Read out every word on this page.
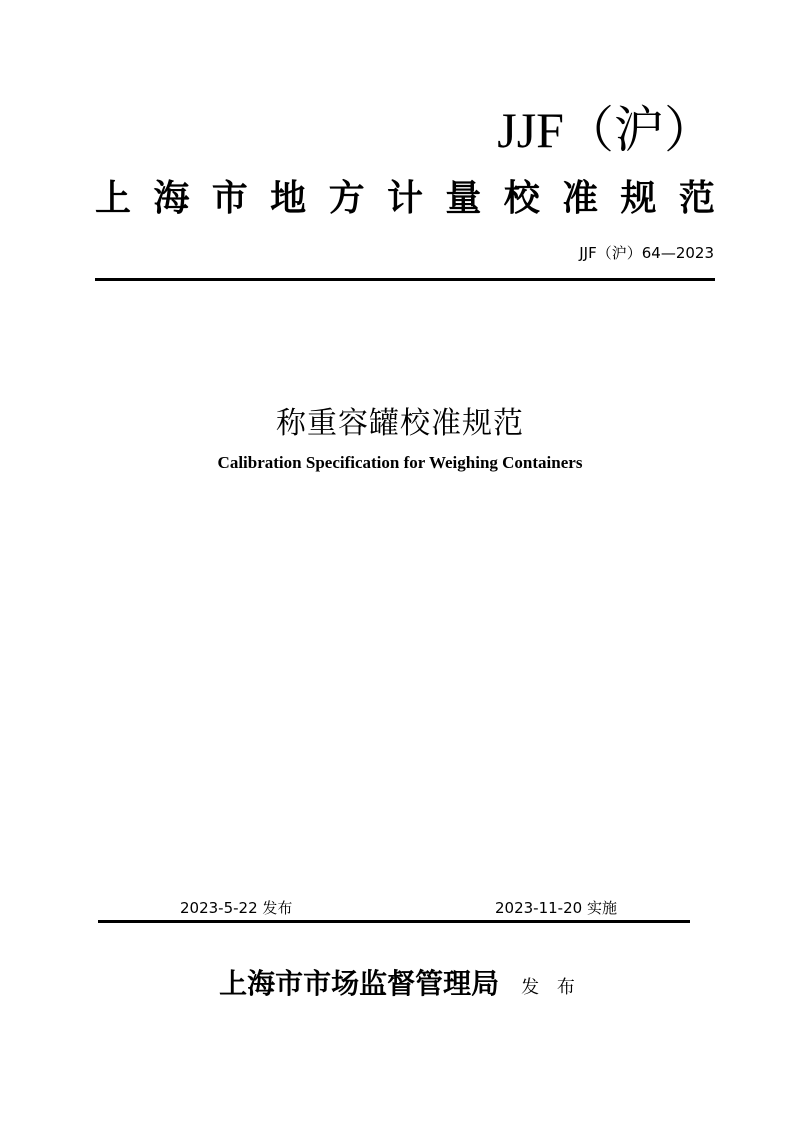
JJF（沪）
上 海 市 地 方 计 量 校 准 规 范
JJF（沪）64—2023
称重容罐校准规范
Calibration Specification for Weighing Containers
2023-5-22 发布	2023-11-20 实施
上海市市场监督管理局 发 布
